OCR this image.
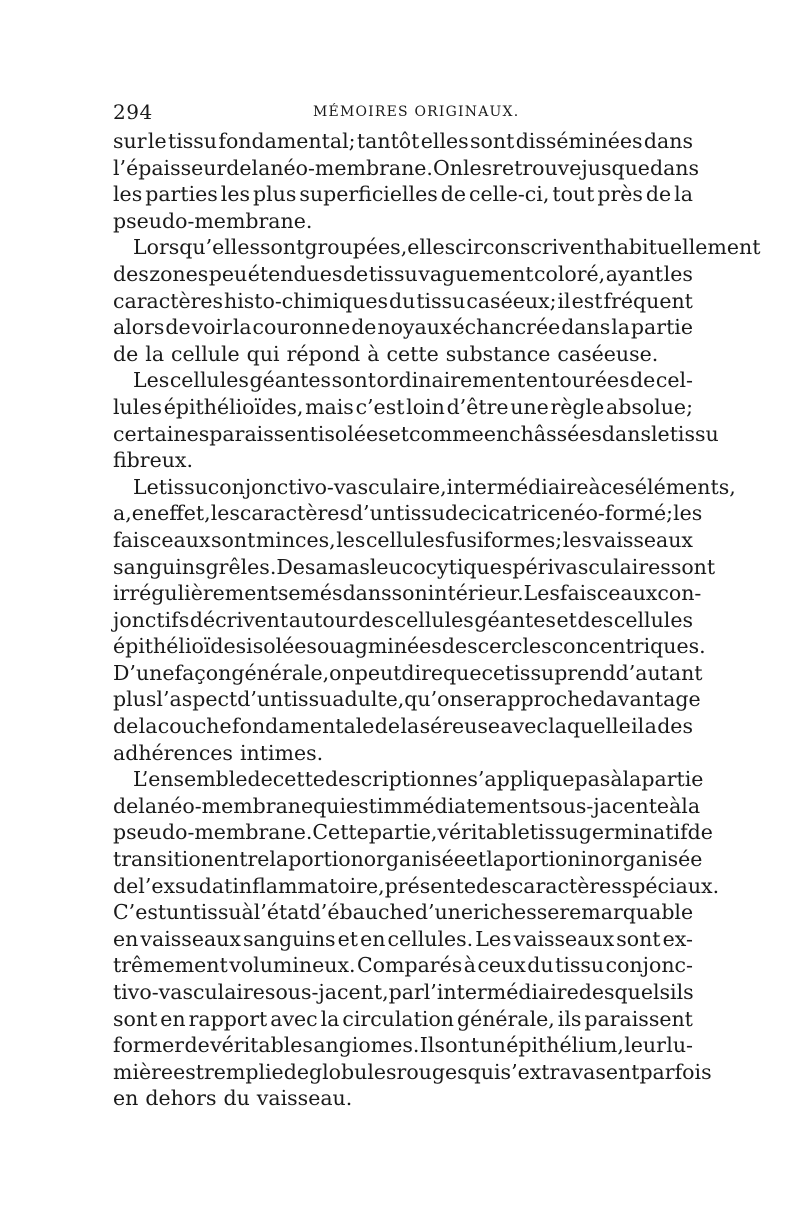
294	MÉMOIRES ORIGINAUX.
sur le tissu fondamental; tantôt elles sont disséminées dans
l’épaisseur de la néo-membrane. On les retrouve jusque dans
les parties les plus superficielles de celle-ci, tout près de la
pseudo-membrane.
Lorsqu’elles sont groupées, elles circonscrivent habituellement
des zones peu étendues de tissu vaguement coloré, ayant les
caractères histo-chimiques du tissu caséeux; il est fréquent
alors de voir la couronne de noyaux échancrée dans la partie
de la cellule qui répond à cette substance caséeuse.
Les cellules géantes sont ordinairement entourées de cel-
lules épithélioïdes, mais c’est loin d’être une règle absolue;
certaines paraissent isolées et comme enchâssées dans le tissu
fibreux.
Le tissu conjonctivo-vasculaire, intermédiaire à ces éléments,
a, en effet, les caractères d’un tissu de cicatrice néo-formé; les
faisceaux sont minces, les cellules fusiformes; les vaisseaux
sanguins grêles. Des amas leucocytiques périvasculaires sont
irrégulièrement semés dans son intérieur. Les faisceaux con-
jonctifs décrivent autour des cellules géantes et des cellules
épithélioïdes isolées ou agminées des cercles concentriques.
D’une façon générale, on peut dire que ce tissu prend d’autant
plus l’aspect d’un tissu adulte, qu’on se rapproche davantage
de la couche fondamentale de la séreuse avec laquelle il a des
adhérences intimes.
L’ensemble de cette description ne s’applique pas à la partie
de la néo-membrane qui est immédiatement sous-jacente à la
pseudo-membrane. Cette partie, véritable tissu germinatif de
transition entre la portion organisée et la portion inorganisée
de l’exsudat inflammatoire, présente des caractères spéciaux.
C’est un tissu à l’état d’ébauche d’une richesse remarquable
en vaisseaux sanguins et en cellules. Les vaisseaux sont ex-
trêmement volumineux. Comparés à ceux du tissu conjonc-
tivo-vasculaire sous-jacent, par l’intermédiaire desquels ils
sont en rapport avec la circulation générale, ils paraissent
former de véritables angiomes. Ils ont un épithélium, leur lu-
mière est remplie de globules rouges qui s’extravasent parfois
en dehors du vaisseau.
